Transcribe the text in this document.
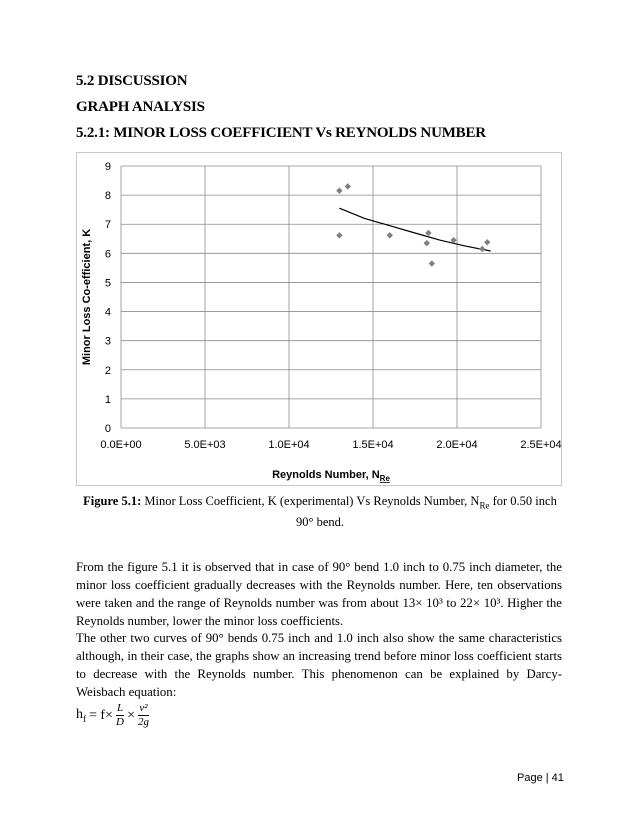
5.2 DISCUSSION
GRAPH ANALYSIS
5.2.1: MINOR LOSS COEFFICIENT Vs REYNOLDS NUMBER
0
1
2
3
4
5
6
7
8
9
0.0E+00	5.0E+03	1.0E+04	1.5E+04	2.0E+04	2.5E+04
Reynolds Number, $N_{Re}$
Minor Loss Co-efficient, K
Figure 5.1: Minor Loss Coefficient, K (experimental) Vs Reynolds Number, $N_{Re}$ for 0.50 inch 90° bend.
From the figure 5.1 it is observed that in case of 90° bend 1.0 inch to 0.75 inch diameter, the minor loss coefficient gradually decreases with the Reynolds number. Here, ten observations were taken and the range of Reynolds number was from about 13× 10³ to 22× 10³. Higher the Reynolds number, lower the minor loss coefficients.
The other two curves of 90° bends 0.75 inch and 1.0 inch also show the same characteristics although, in their case, the graphs show an increasing trend before minor loss coefficient starts to decrease with the Reynolds number. This phenomenon can be explained by Darcy-Weisbach equation:
$h_f = f\times \frac{L}{D} \times \frac{\text{v²}}{2g}$
Page | 41
